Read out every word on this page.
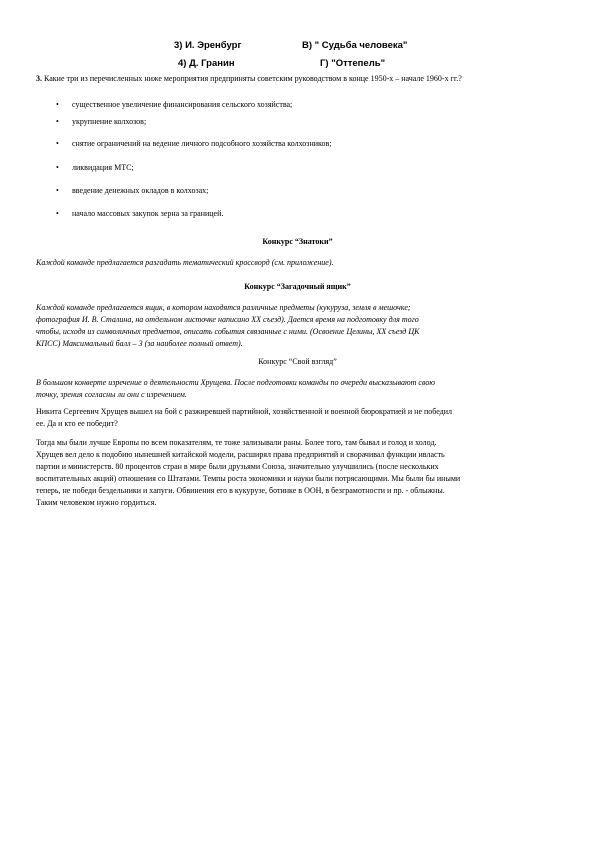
3) И. Эренбург	В) " Судьба человека"
4) Д. Гранин	Г) "Оттепель"
3. Какие три из перечисленных ниже мероприятия предприняты советским руководством в конце 1950-х – начале 1960-х гг.?
• существенное увеличение финансирования сельского хозяйства;
• укрупнение колхозов;
• снятие ограничений на ведение личного подсобного хозяйства колхозников;
• ликвидация МТС;
• введение денежных окладов в колхозах;
• начало массовых закупок зерна за границей.
Конкурс “Знатоки”
Каждой команде предлагается разгадать тематический кроссворд (см. приложение).
Конкурс “Загадочный ящик”
Каждой команде предлагается ящик, в котором находятся различные предметы (кукуруза, земля в мешочке;
фотография И. В. Сталина, на отдельном листочке написано XX съезд). Дается время на подготовку для того
чтобы, исходя из символичных предметов, описать события связанные с ними. (Освоение Целины, XX съезд ЦК
КПСС) Максимальный балл – 3 (за наиболее полный ответ).
Конкурс “Свой взгляд”
В большом конверте изречение о деятельности Хрущева. После подготовки команды по очереди высказывают свою
точку, зрения согласны ли они с изречением.
Никита Сергеевич Хрущев вышел на бой с разжиревшей партийной, хозяйственной и военной бюрократией и не победил
ее. Да и кто ее победит?
Тогда мы были лучше Европы по всем показателям, те тоже зализывали раны. Более того, там бывал и голод и холод.
Хрущев вел дело к подобию нынешней китайской модели, расширял права предприятий и сворачивал функции ивласть
партии и министерств. 80 процентов стран в мире были друзьями Союза, значительно улучшились (после нескольких
воспитательных акций) отношения со Штатами. Темпы роста экономики и науки были потрясающими. Мы были бы иными
теперь, не победи бездельники и хапуги. Обвинения его в кукурузе, ботинке в ООН, в безграмотности и пр. - облыжны.
Таким человеком нужно гордиться.
